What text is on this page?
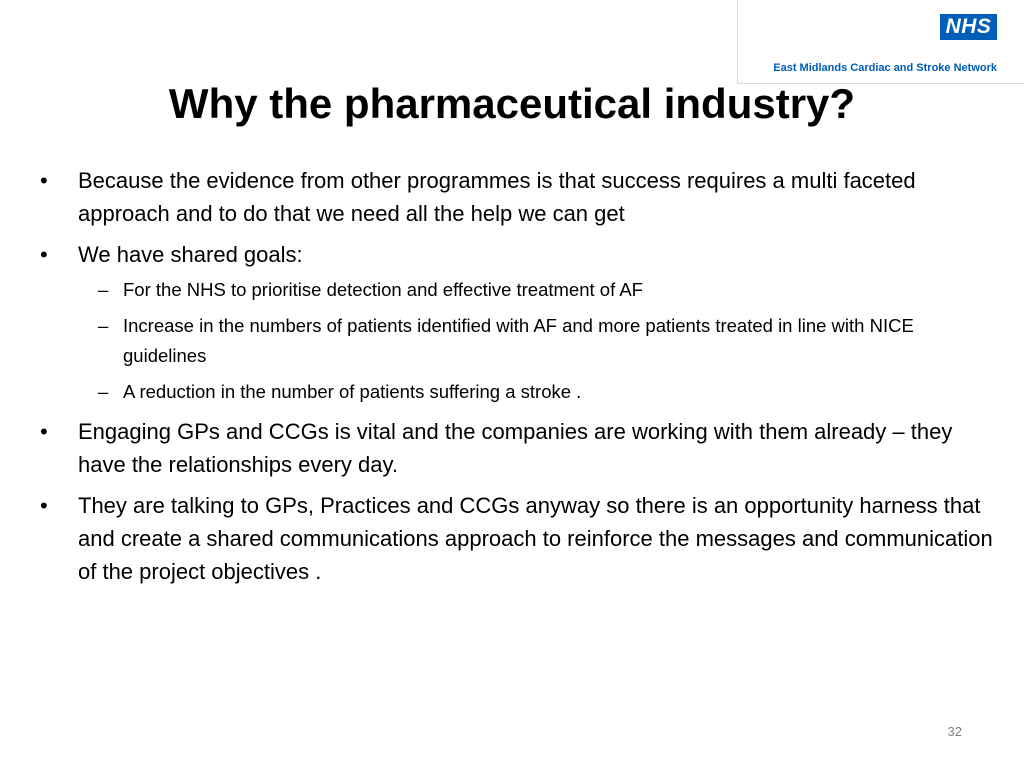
NHS
East Midlands Cardiac and Stroke Network
Why the pharmaceutical industry?
•	Because the evidence from other programmes is that success requires a multi faceted approach and to do that we need all the help we can get
•	We have shared goals:
– For the NHS to prioritise detection and effective treatment of AF
– Increase in the numbers of patients identified with AF and more patients treated in line with NICE guidelines
– A reduction in the number of patients suffering a stroke .
•	Engaging GPs and CCGs is vital and the companies are working with them already – they have the relationships every day.
•	They are talking to GPs, Practices and CCGs anyway so there is an opportunity harness that and create a shared communications approach to reinforce the messages and communication of the project objectives .
32
